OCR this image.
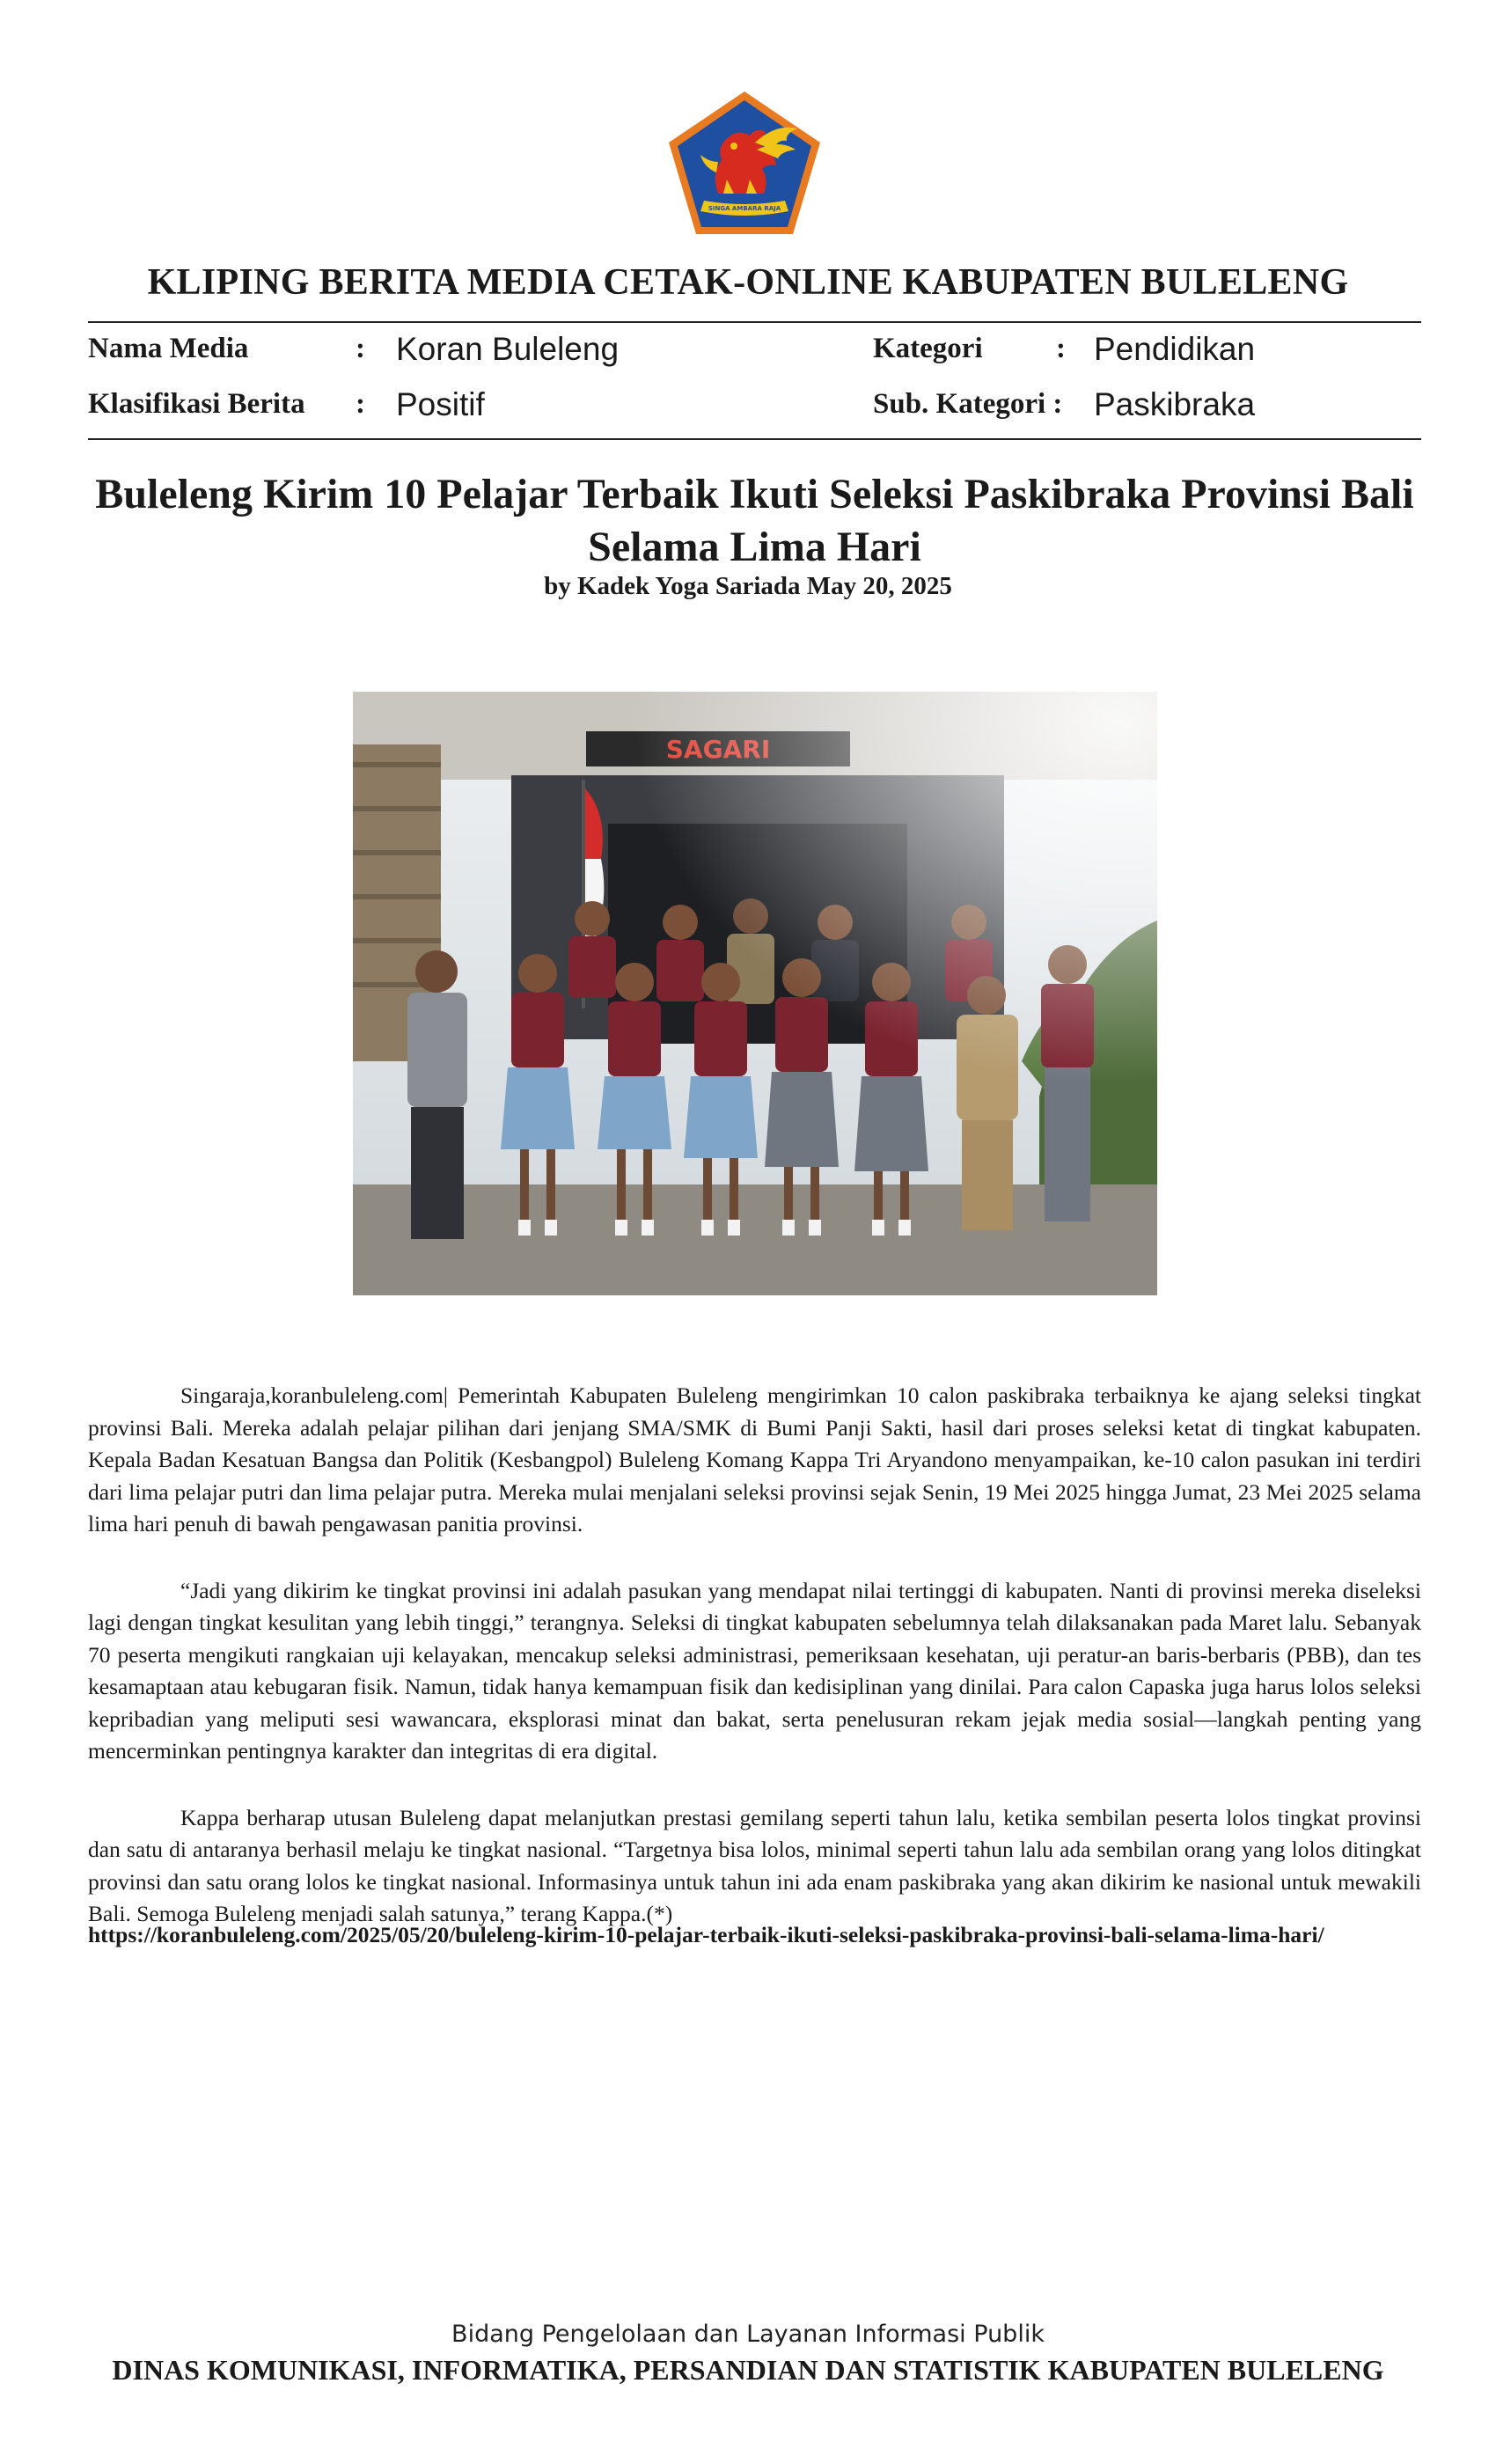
SINGA AMBARA RAJA
KLIPING BERITA MEDIA CETAK-ONLINE KABUPATEN BULELENG
Nama Media	: Koran Buleleng
Klasifikasi Berita : Positif
Kategori	: Pendidikan
Sub. Kategori : Paskibraka
Buleleng Kirim 10 Pelajar Terbaik Ikuti Seleksi Paskibraka Provinsi Bali Selama Lima Hari
by Kadek Yoga Sariada May 20, 2025

Singaraja,koranbuleleng.com| Pemerintah Kabupaten Buleleng mengirimkan 10 calon paskibraka terbaiknya ke ajang seleksi tingkat provinsi Bali. Mereka adalah pelajar pilihan dari jenjang SMA/SMK di Bumi Panji Sakti, hasil dari proses seleksi ketat di tingkat kabupaten. Kepala Badan Kesatuan Bangsa dan Politik (Kesbangpol) Buleleng Komang Kappa Tri Aryandono menyampaikan, ke-10 calon pasukan ini terdiri dari lima pelajar putri dan lima pelajar putra. Mereka mulai menjalani seleksi provinsi sejak Senin, 19 Mei 2025 hingga Jumat, 23 Mei 2025 selama lima hari penuh di bawah pengawasan panitia provinsi.

“Jadi yang dikirim ke tingkat provinsi ini adalah pasukan yang mendapat nilai tertinggi di kabupaten. Nanti di provinsi mereka diseleksi lagi dengan tingkat kesulitan yang lebih tinggi,” terangnya. Seleksi di tingkat kabupaten sebelumnya telah dilaksanakan pada Maret lalu. Sebanyak 70 peserta mengikuti rangkaian uji kelayakan, mencakup seleksi administrasi, pemeriksaan kesehatan, uji peratur-an baris-berbaris (PBB), dan tes kesamaptaan atau kebugaran fisik. Namun, tidak hanya kemampuan fisik dan kedisiplinan yang dinilai. Para calon Capaska juga harus lolos seleksi kepribadian yang meliputi sesi wawancara, eksplorasi minat dan bakat, serta penelusuran rekam jejak media sosial—langkah penting yang mencerminkan pentingnya karakter dan integritas di era digital.

Kappa berharap utusan Buleleng dapat melanjutkan prestasi gemilang seperti tahun lalu, ketika sembilan peserta lolos tingkat provinsi dan satu di antaranya berhasil melaju ke tingkat nasional. “Targetnya bisa lolos, minimal seperti tahun lalu ada sembilan orang yang lolos ditingkat provinsi dan satu orang lolos ke tingkat nasional. Informasinya untuk tahun ini ada enam paskibraka yang akan dikirim ke nasional untuk mewakili Bali. Semoga Buleleng menjadi salah satunya,” terang Kappa.(*)

https://koranbuleleng.com/2025/05/20/buleleng-kirim-10-pelajar-terbaik-ikuti-seleksi-paskibraka-provinsi-bali-selama-lima-hari/
Bidang Pengelolaan dan Layanan Informasi Publik
DINAS KOMUNIKASI, INFORMATIKA, PERSANDIAN DAN STATISTIK KABUPATEN BULELENG
